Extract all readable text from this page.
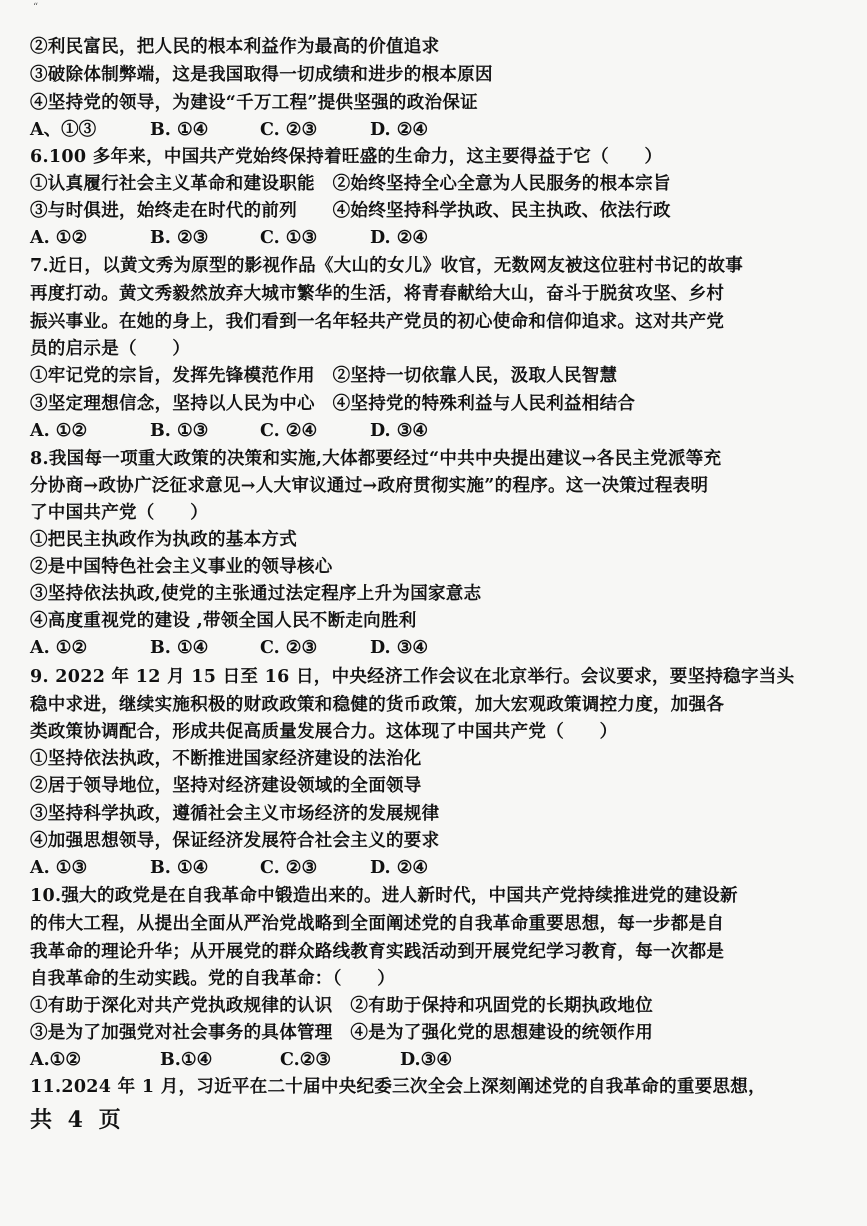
“
②利民富民，把人民的根本利益作为最高的价值追求
③破除体制弊端，这是我国取得一切成绩和进步的根本原因
④坚持党的领导，为建设“千万工程”提供坚强的政治保证
A、①③	B. ①④	C. ②③	D. ②④
6.100 多年来，中国共产党始终保持着旺盛的生命力，这主要得益于它（　　）
①认真履行社会主义革命和建设职能　②始终坚持全心全意为人民服务的根本宗旨
③与时俱进，始终走在时代的前列　　④始终坚持科学执政、民主执政、依法行政
A. ①②	B. ②③	C. ①③	D. ②④
7.近日，以黄文秀为原型的影视作品《大山的女儿》收官，无数网友被这位驻村书记的故事
再度打动。黄文秀毅然放弃大城市繁华的生活，将青春献给大山，奋斗于脱贫攻坚、乡村
振兴事业。在她的身上，我们看到一名年轻共产党员的初心使命和信仰追求。这对共产党
员的启示是（　　）
①牢记党的宗旨，发挥先锋模范作用　②坚持一切依靠人民，汲取人民智慧
③坚定理想信念，坚持以人民为中心　④坚持党的特殊利益与人民利益相结合
A. ①②	B. ①③	C. ②④	D. ③④
8.我国每一项重大政策的决策和实施,大体都要经过“中共中央提出建议→各民主党派等充
分协商→政协广泛征求意见→人大审议通过→政府贯彻实施”的程序。这一决策过程表明
了中国共产党（　　）
①把民主执政作为执政的基本方式
②是中国特色社会主义事业的领导核心
③坚持依法执政,使党的主张通过法定程序上升为国家意志
④高度重视党的建设 ,带领全国人民不断走向胜利
A. ①②	B. ①④	C. ②③	D. ③④
9. 2022 年 12 月 15 日至 16 日，中央经济工作会议在北京举行。会议要求，要坚持稳字当头
稳中求进，继续实施积极的财政政策和稳健的货币政策，加大宏观政策调控力度，加强各
类政策协调配合，形成共促高质量发展合力。这体现了中国共产党（　　）
①坚持依法执政，不断推进国家经济建设的法治化
②居于领导地位，坚持对经济建设领域的全面领导
③坚持科学执政，遵循社会主义市场经济的发展规律
④加强思想领导，保证经济发展符合社会主义的要求
A. ①③	B. ①④	C. ②③	D. ②④
10.强大的政党是在自我革命中锻造出来的。进人新时代，中国共产党持续推进党的建设新
的伟大工程，从提出全面从严治党战略到全面阐述党的自我革命重要思想，每一步都是自
我革命的理论升华；从开展党的群众路线教育实践活动到开展党纪学习教育，每一次都是
自我革命的生动实践。党的自我革命：（　　）
①有助于深化对共产党执政规律的认识　②有助于保持和巩固党的长期执政地位
③是为了加强党对社会事务的具体管理　④是为了强化党的思想建设的统领作用
A.①②	B.①④	C.②③	D.③④
11.2024 年 1 月，习近平在二十届中央纪委三次全会上深刻阐述党的自我革命的重要思想，
共 4 页
